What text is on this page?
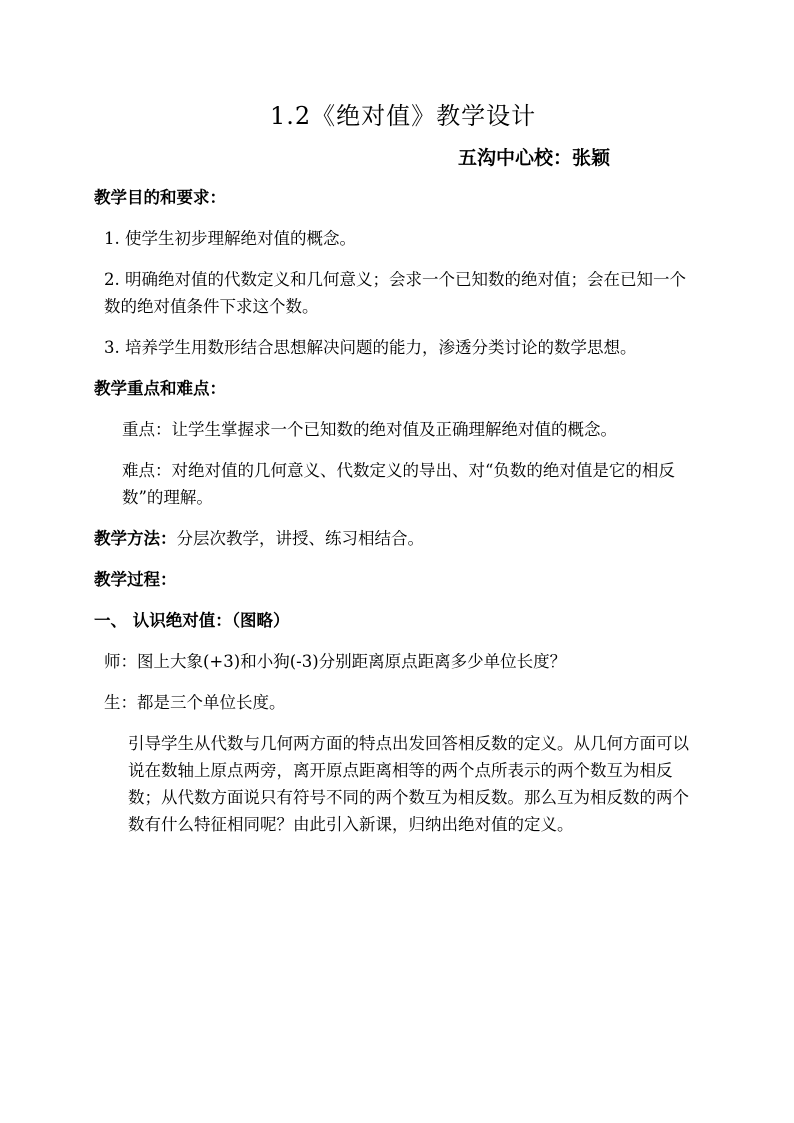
1.2《绝对值》教学设计
五沟中心校：张颖
教学目的和要求：
1. 使学生初步理解绝对值的概念。
2. 明确绝对值的代数定义和几何意义；会求一个已知数的绝对值；会在已知一个数的绝对值条件下求这个数。
3. 培养学生用数形结合思想解决问题的能力，渗透分类讨论的数学思想。
教学重点和难点：
重点：让学生掌握求一个已知数的绝对值及正确理解绝对值的概念。
难点：对绝对值的几何意义、代数定义的导出、对“负数的绝对值是它的相反数”的理解。
教学方法：分层次教学，讲授、练习相结合。
教学过程：
一、 认识绝对值：（图略）
师：图上大象(+3)和小狗(-3)分别距离原点距离多少单位长度？
生：都是三个单位长度。
引导学生从代数与几何两方面的特点出发回答相反数的定义。从几何方面可以说在数轴上原点两旁，离开原点距离相等的两个点所表示的两个数互为相反数；从代数方面说只有符号不同的两个数互为相反数。那么互为相反数的两个数有什么特征相同呢？由此引入新课，归纳出绝对值的定义。
